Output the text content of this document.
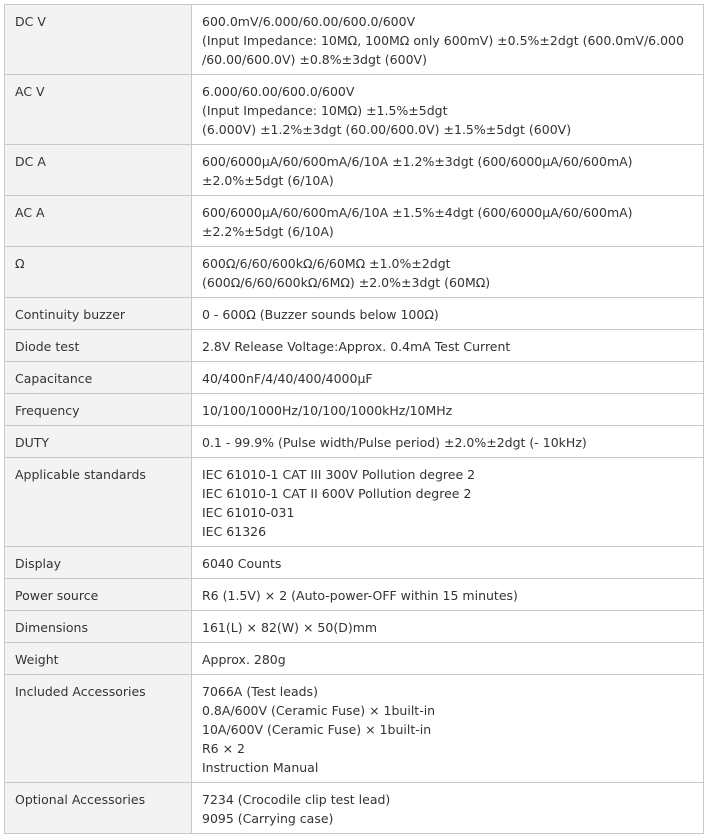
DC V	600.0mV/6.000/60.00/600.0/600V
(Input Impedance: 10MΩ, 100MΩ only 600mV) ±0.5%±2dgt (600.0mV/6.000
/60.00/600.0V) ±0.8%±3dgt (600V)

AC V	6.000/60.00/600.0/600V
(Input Impedance: 10MΩ) ±1.5%±5dgt
(6.000V) ±1.2%±3dgt (60.00/600.0V) ±1.5%±5dgt (600V)

DC A	600/6000µA/60/600mA/6/10A ±1.2%±3dgt (600/6000µA/60/600mA)
±2.0%±5dgt (6/10A)

AC A	600/6000µA/60/600mA/6/10A ±1.5%±4dgt (600/6000µA/60/600mA)
±2.2%±5dgt (6/10A)

Ω	600Ω/6/60/600kΩ/6/60MΩ ±1.0%±2dgt
(600Ω/6/60/600kΩ/6MΩ) ±2.0%±3dgt (60MΩ)

Continuity buzzer	0 - 600Ω (Buzzer sounds below 100Ω)

Diode test	2.8V Release Voltage:Approx. 0.4mA Test Current

Capacitance	40/400nF/4/40/400/4000µF

Frequency	10/100/1000Hz/10/100/1000kHz/10MHz

DUTY	0.1 - 99.9% (Pulse width/Pulse period) ±2.0%±2dgt (- 10kHz)

Applicable standards	IEC 61010-1 CAT III 300V Pollution degree 2
IEC 61010-1 CAT II 600V Pollution degree 2
IEC 61010-031
IEC 61326

Display	6040 Counts

Power source	R6 (1.5V) × 2 (Auto-power-OFF within 15 minutes)

Dimensions	161(L) × 82(W) × 50(D)mm

Weight	Approx. 280g

Included Accessories	7066A (Test leads)
0.8A/600V (Ceramic Fuse) × 1built-in
10A/600V (Ceramic Fuse) × 1built-in
R6 × 2
Instruction Manual

Optional Accessories	7234 (Crocodile clip test lead)
9095 (Carrying case)
